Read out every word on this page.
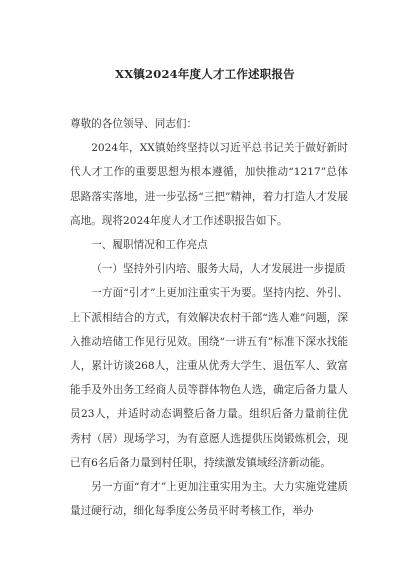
XX镇2024年度人才工作述职报告

尊敬的各位领导、同志们：

2024年，XX镇始终坚持以习近平总书记关于做好新时代人才工作的重要思想为根本遵循，加快推动“1217”总体思路落实落地，进一步弘扬“三把”精神，着力打造人才发展高地。现将2024年度人才工作述职报告如下。

一、履职情况和工作亮点

（一）坚持外引内培、服务大局，人才发展进一步提质

一方面“引才”上更加注重实干为要。坚持内挖、外引、上下派相结合的方式，有效解决农村干部“选人难”问题，深入推动培储工作见行见效。围绕“一讲五有”标准下深水找能人，累计访谈268人，注重从优秀大学生、退伍军人、致富能手及外出务工经商人员等群体物色人选，确定后备力量人员23人，并适时动态调整后备力量。组织后备力量前往优秀村（居）现场学习，为有意愿人选提供压岗锻炼机会，现已有6名后备力量到村任职，持续激发镇域经济新动能。

另一方面“育才”上更加注重实用为主。大力实施党建质量过硬行动，细化每季度公务员平时考核工作，举办
